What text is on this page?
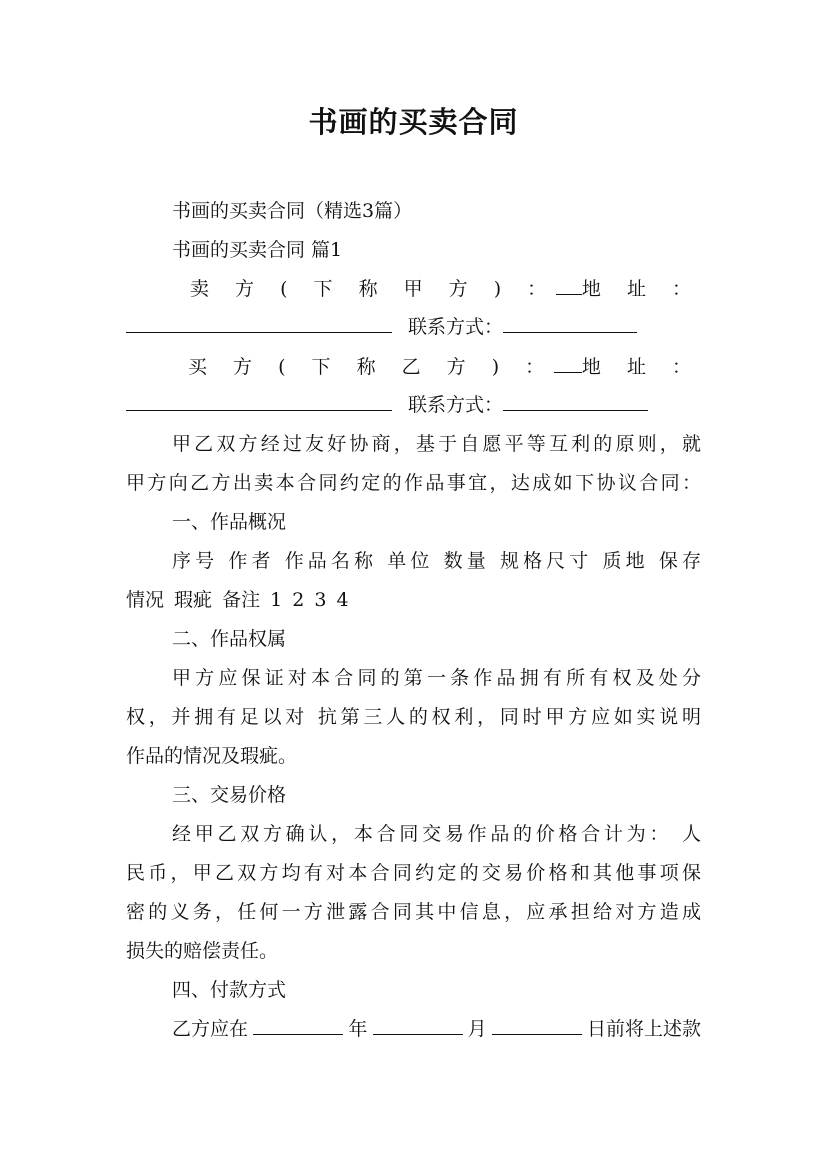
书画的买卖合同
书画的买卖合同（精选3篇）
书画的买卖合同 篇1
卖 方 ( 下 称 甲 方 ) ： 地 址 ：
联系方式：
买 方 ( 下 称 乙 方 ) ： 地 址 ：
联系方式：
甲乙双方经过友好协商，基于自愿平等互利的原则，就
甲方向乙方出卖本合同约定的作品事宜，达成如下协议合同：
一、作品概况
序号 作者 作品名称 单位 数量 规格尺寸 质地 保存
情况 瑕疵 备注 1 2 3 4
二、作品权属
甲方应保证对本合同的第一条作品拥有所有权及处分
权，并拥有足以对 抗第三人的权利，同时甲方应如实说明
作品的情况及瑕疵。
三、交易价格
经甲乙双方确认，本合同交易作品的价格合计为： 人
民币，甲乙双方均有对本合同约定的交易价格和其他事项保
密的义务，任何一方泄露合同其中信息，应承担给对方造成
损失的赔偿责任。
四、付款方式
乙方应在	年	月	日前将上述款
